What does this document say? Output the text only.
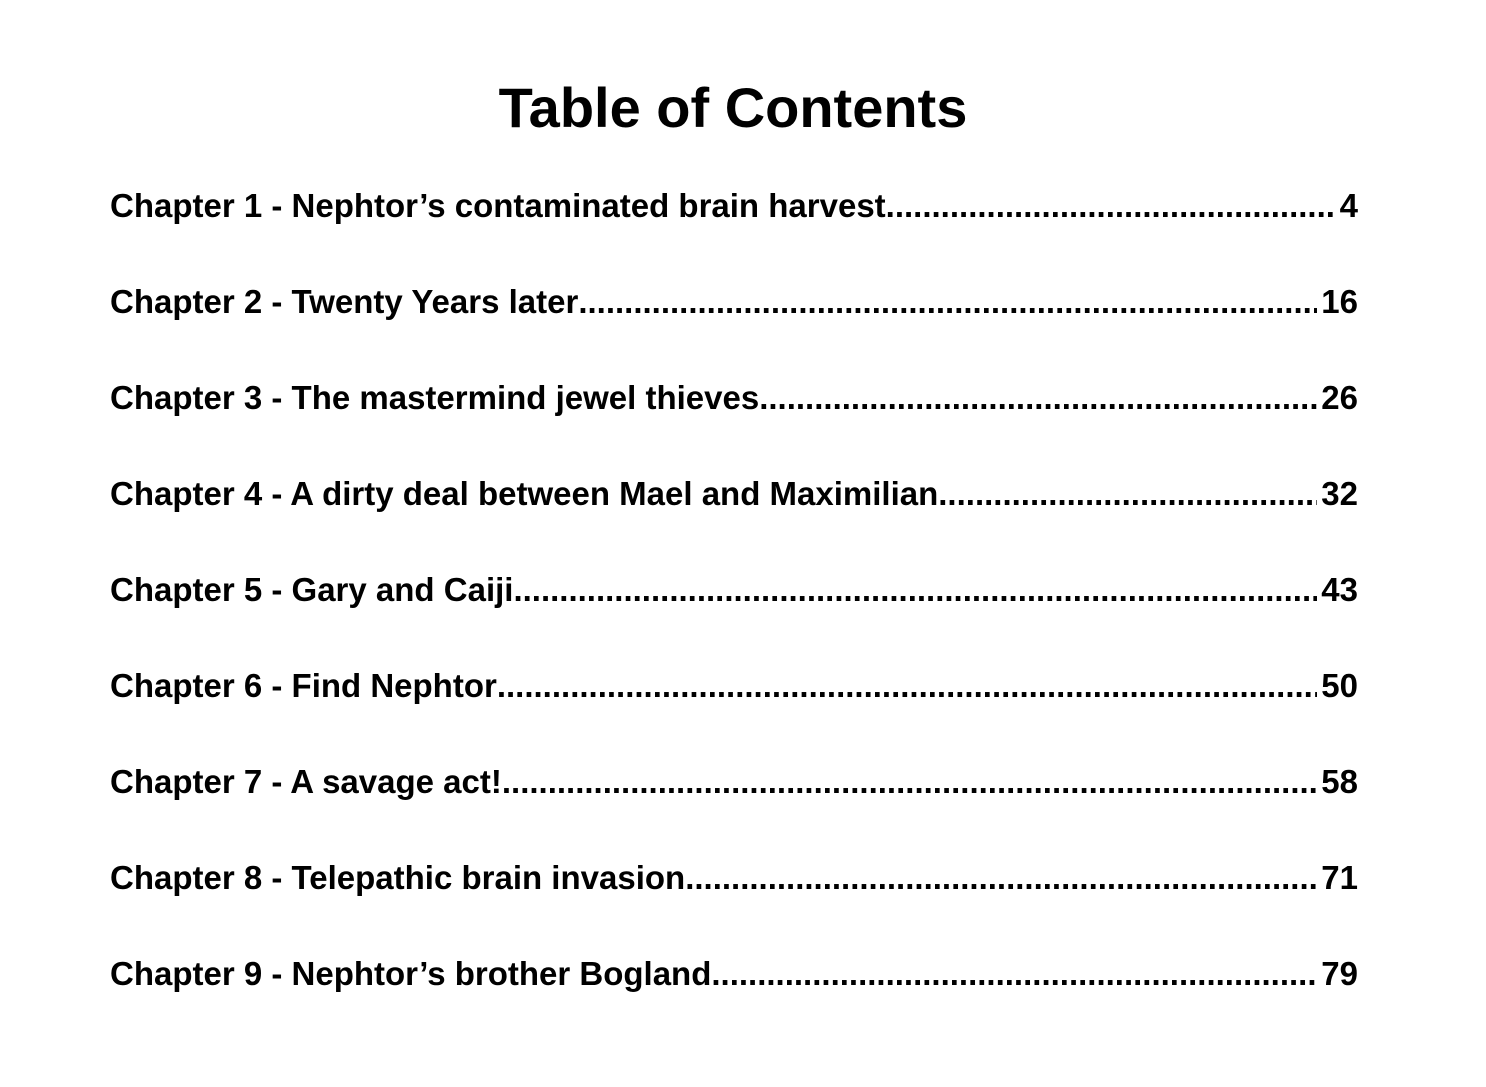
Table of Contents
Chapter 1 - Nephtor’s contaminated brain harvest .....	4
Chapter 2 - Twenty Years later .....	16
Chapter 3 - The mastermind jewel thieves .....	26
Chapter 4 - A dirty deal between Mael and Maximilian .....	32
Chapter 5 - Gary and Caiji .....	43
Chapter 6 - Find Nephtor .....	50
Chapter 7 - A savage act! .....	58
Chapter 8 - Telepathic brain invasion .....	71
Chapter 9 - Nephtor’s brother Bogland .....	79
